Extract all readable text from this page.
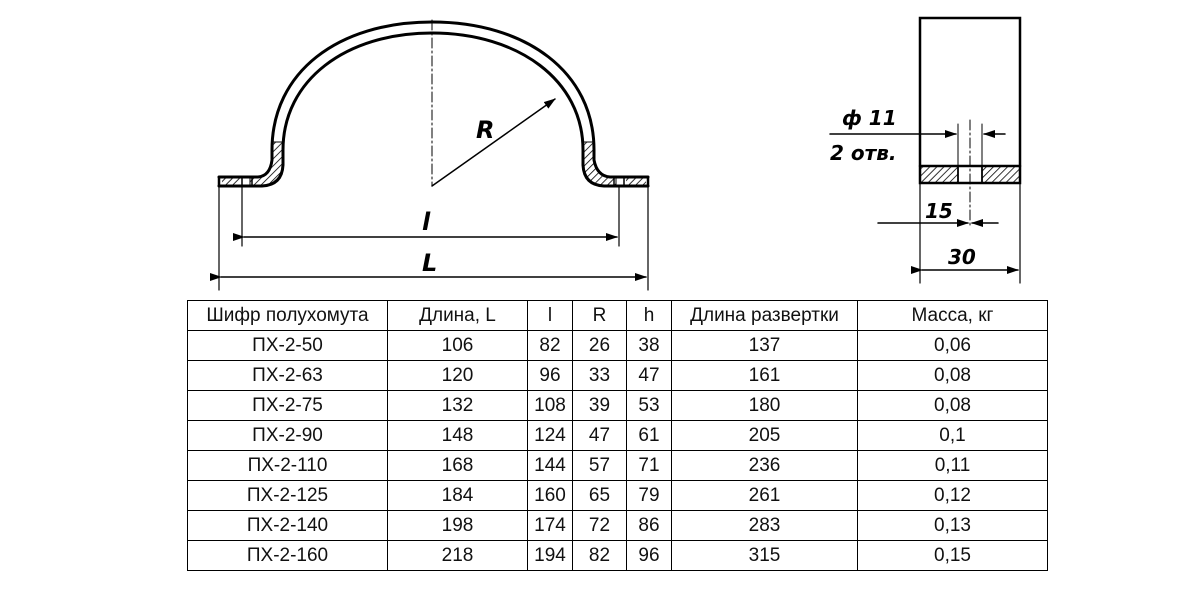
R
l
L
ф 11
2 отв.
15
30
Шифр полухомута	Длина, L	l	R	h	Длина развертки	Масса, кг
ПХ-2-50	106	82	26	38	137	0,06
ПХ-2-63	120	96	33	47	161	0,08
ПХ-2-75	132	108	39	53	180	0,08
ПХ-2-90	148	124	47	61	205	0,1
ПХ-2-110	168	144	57	71	236	0,11
ПХ-2-125	184	160	65	79	261	0,12
ПХ-2-140	198	174	72	86	283	0,13
ПХ-2-160	218	194	82	96	315	0,15
